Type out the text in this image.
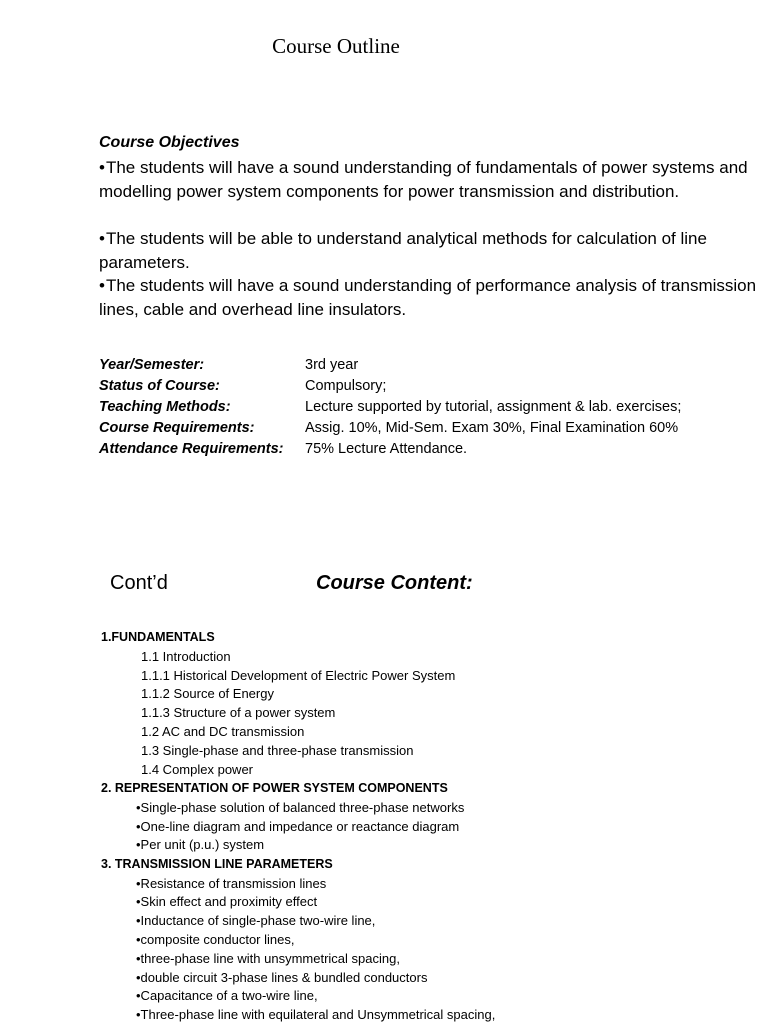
Course Outline
Course Objectives
•The students will have a sound understanding of fundamentals of power systems and modelling power system components for power transmission and distribution.
•The students will be able to understand analytical methods for calculation of line parameters.
•The students will have a sound understanding of performance analysis of transmission lines, cable and overhead line insulators.
Year/Semester:	3rd year
Status of Course:	Compulsory;
Teaching Methods:	Lecture supported by tutorial, assignment & lab. exercises;
Course Requirements:	Assig. 10%, Mid-Sem. Exam 30%, Final Examination 60%
Attendance Requirements: 75% Lecture Attendance.
Cont’d	Course Content:
1.FUNDAMENTALS
1.1 Introduction
1.1.1 Historical Development of Electric Power System
1.1.2 Source of Energy
1.1.3 Structure of a power system
1.2 AC and DC transmission
1.3 Single-phase and three-phase transmission
1.4 Complex power
2. REPRESENTATION OF POWER SYSTEM COMPONENTS
•Single-phase solution of balanced three-phase networks
•One-line diagram and impedance or reactance diagram
•Per unit (p.u.) system
3. TRANSMISSION LINE PARAMETERS
•Resistance of transmission lines
•Skin effect and proximity effect
•Inductance of single-phase two-wire line,
•composite conductor lines,
•three-phase line with unsymmetrical spacing,
•double circuit 3-phase lines & bundled conductors
•Capacitance of a two-wire line,
•Three-phase line with equilateral and Unsymmetrical spacing,
